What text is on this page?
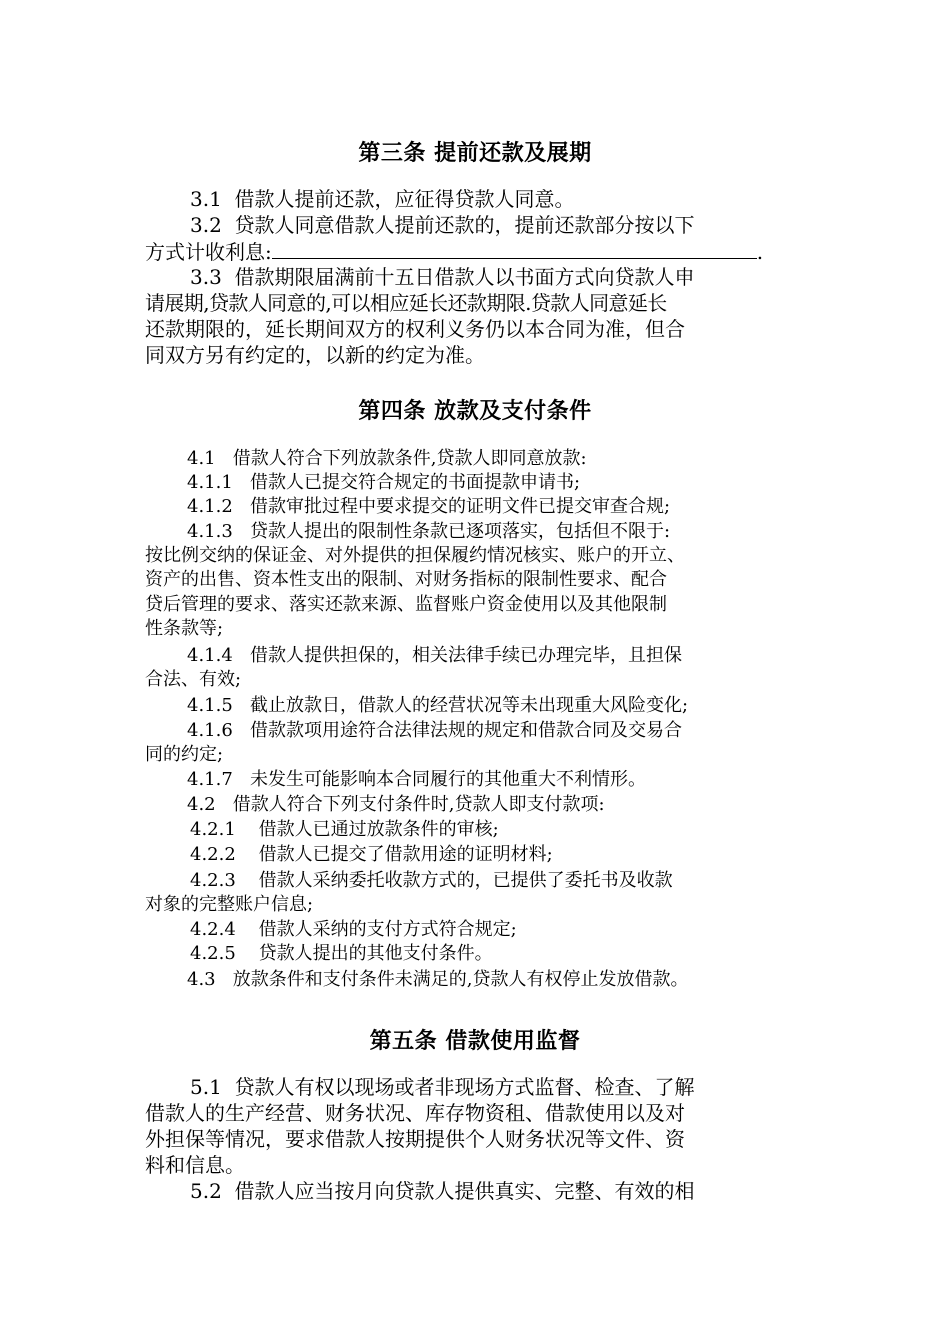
第三条 提前还款及展期
3.1  借款人提前还款，应征得贷款人同意。
3.2  贷款人同意借款人提前还款的，提前还款部分按以下
方式计收利息:	.
3.3  借款期限届满前十五日借款人以书面方式向贷款人申
请展期,贷款人同意的,可以相应延长还款期限.贷款人同意延长
还款期限的，延长期间双方的权利义务仍以本合同为准，但合
同双方另有约定的，以新的约定为准。
第四条 放款及支付条件
4.1   借款人符合下列放款条件,贷款人即同意放款:
4.1.1   借款人已提交符合规定的书面提款申请书;
4.1.2   借款审批过程中要求提交的证明文件已提交审查合规;
4.1.3   贷款人提出的限制性条款已逐项落实，包括但不限于:
按比例交纳的保证金、对外提供的担保履约情况核实、账户的开立、
资产的出售、资本性支出的限制、对财务指标的限制性要求、配合
贷后管理的要求、落实还款来源、监督账户资金使用以及其他限制
性条款等;
4.1.4   借款人提供担保的，相关法律手续已办理完毕，且担保
合法、有效;
4.1.5   截止放款日，借款人的经营状况等未出现重大风险变化;
4.1.6   借款款项用途符合法律法规的规定和借款合同及交易合
同的约定;
4.1.7   未发生可能影响本合同履行的其他重大不利情形。
4.2   借款人符合下列支付条件时,贷款人即支付款项:
4.2.1    借款人已通过放款条件的审核;
4.2.2    借款人已提交了借款用途的证明材料;
4.2.3    借款人采纳委托收款方式的，已提供了委托书及收款
对象的完整账户信息;
4.2.4    借款人采纳的支付方式符合规定;
4.2.5    贷款人提出的其他支付条件。
4.3   放款条件和支付条件未满足的,贷款人有权停止发放借款。
第五条 借款使用监督
5.1  贷款人有权以现场或者非现场方式监督、检查、了解
借款人的生产经营、财务状况、库存物资租、借款使用以及对
外担保等情况，要求借款人按期提供个人财务状况等文件、资
料和信息。
5.2  借款人应当按月向贷款人提供真实、完整、有效的相
